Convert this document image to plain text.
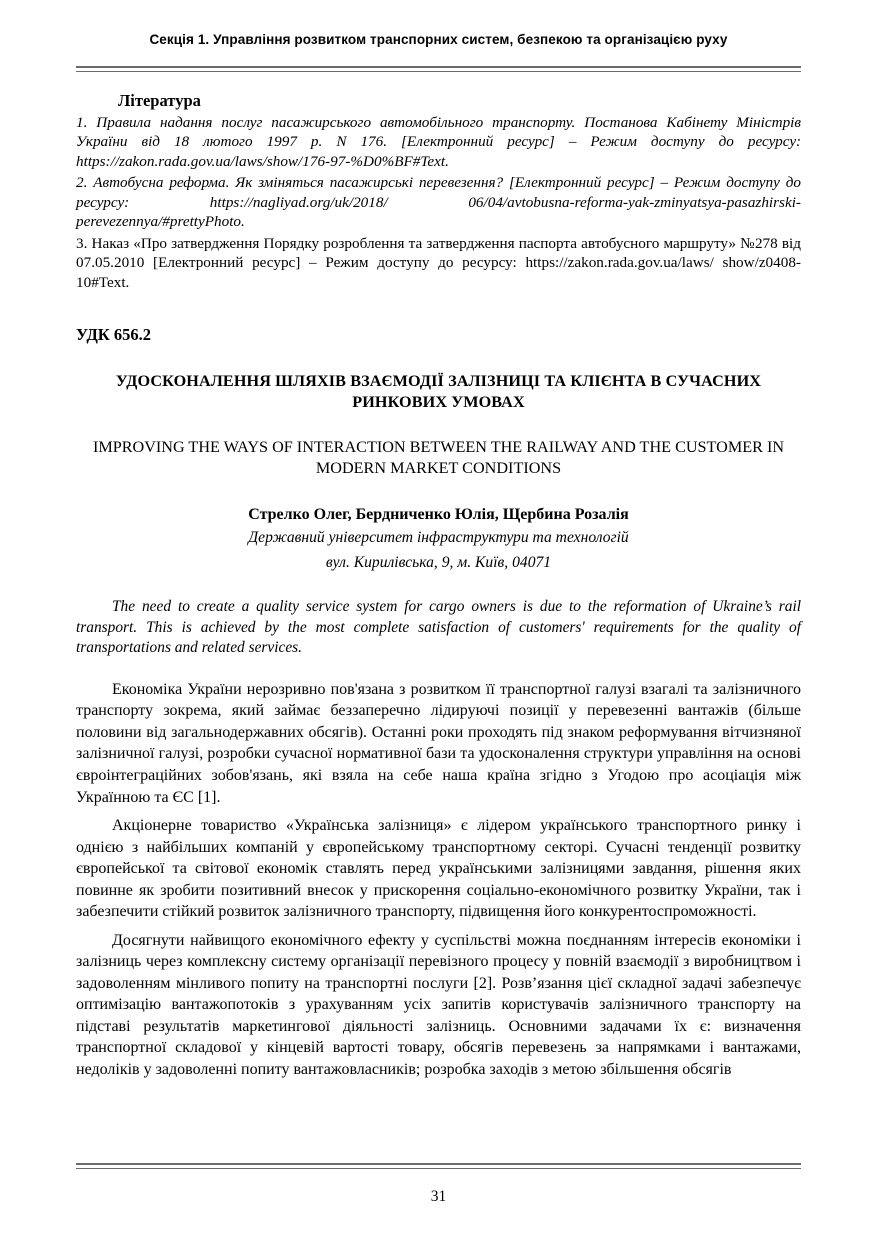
Секція 1. Управління розвитком транспорних систем, безпекою та організацією руху
Література
1. Правила надання послуг пасажирського автомобільного транспорту. Постанова Кабінету Міністрів України від 18 лютого 1997 р. N 176. [Електронний ресурс] – Режим доступу до ресурсу: https://zakon.rada.gov.ua/laws/show/176-97-%D0%BF#Text.
2. Автобусна реформа. Як зміняться пасажирські перевезення? [Електронний ресурс] – Режим доступу до ресурсу: https://nagliyad.org/uk/2018/ 06/04/avtobusna-reforma-yak-zminyatsya-pasazhirski-perevezennya/#prettyPhoto.
3. Наказ «Про затвердження Порядку розроблення та затвердження паспорта автобусного маршруту» №278 від 07.05.2010 [Електронний ресурс] – Режим доступу до ресурсу: https://zakon.rada.gov.ua/laws/ show/z0408-10#Text.
УДК 656.2
УДОСКОНАЛЕННЯ ШЛЯХІВ ВЗАЄМОДІЇ ЗАЛІЗНИЦІ ТА КЛІЄНТА В СУЧАСНИХ РИНКОВИХ УМОВАХ
IMPROVING THE WAYS OF INTERACTION BETWEEN THE RAILWAY AND THE CUSTOMER IN MODERN MARKET CONDITIONS
Стрелко Олег, Бердниченко Юлія, Щербина Розалія
Державний університет інфраструктури та технологій
вул. Кирилівська, 9, м. Київ, 04071
The need to create a quality service system for cargo owners is due to the reformation of Ukraine’s rail transport. This is achieved by the most complete satisfaction of customers' requirements for the quality of transportations and related services.
Економіка України нерозривно пов'язана з розвитком її транспортної галузі взагалі та залізничного транспорту зокрема, який займає беззаперечно лідируючі позиції у перевезенні вантажів (більше половини від загальнодержавних обсягів). Останні роки проходять під знаком реформування вітчизняної залізничної галузі, розробки сучасної нормативної бази та удосконалення структури управління на основі євроінтеграційних зобов'язань, які взяла на себе наша країна згідно з Угодою про асоціація між Українною та ЄС [1].
Акціонерне товариство «Українська залізниця» є лідером українського транспортного ринку і однією з найбільших компаній у європейському транспортному секторі. Сучасні тенденції розвитку європейської та світової економік ставлять перед українськими залізницями завдання, рішення яких повинне як зробити позитивний внесок у прискорення соціально-економічного розвитку України, так і забезпечити стійкий розвиток залізничного транспорту, підвищення його конкурентоспроможності.
Досягнути найвищого економічного ефекту у суспільстві можна поєднанням інтересів економіки і залізниць через комплексну систему організації перевізного процесу у повній взаємодії з виробництвом і задоволенням мінливого попиту на транспортні послуги [2]. Розв’язання цієї складної задачі забезпечує оптимізацію вантажопотоків з урахуванням усіх запитів користувачів залізничного транспорту на підставі результатів маркетингової діяльності залізниць. Основними задачами їх є: визначення транспортної складової у кінцевій вартості товару, обсягів перевезень за напрямками і вантажами, недоліків у задоволенні попиту вантажовласників; розробка заходів з метою збільшення обсягів
31
